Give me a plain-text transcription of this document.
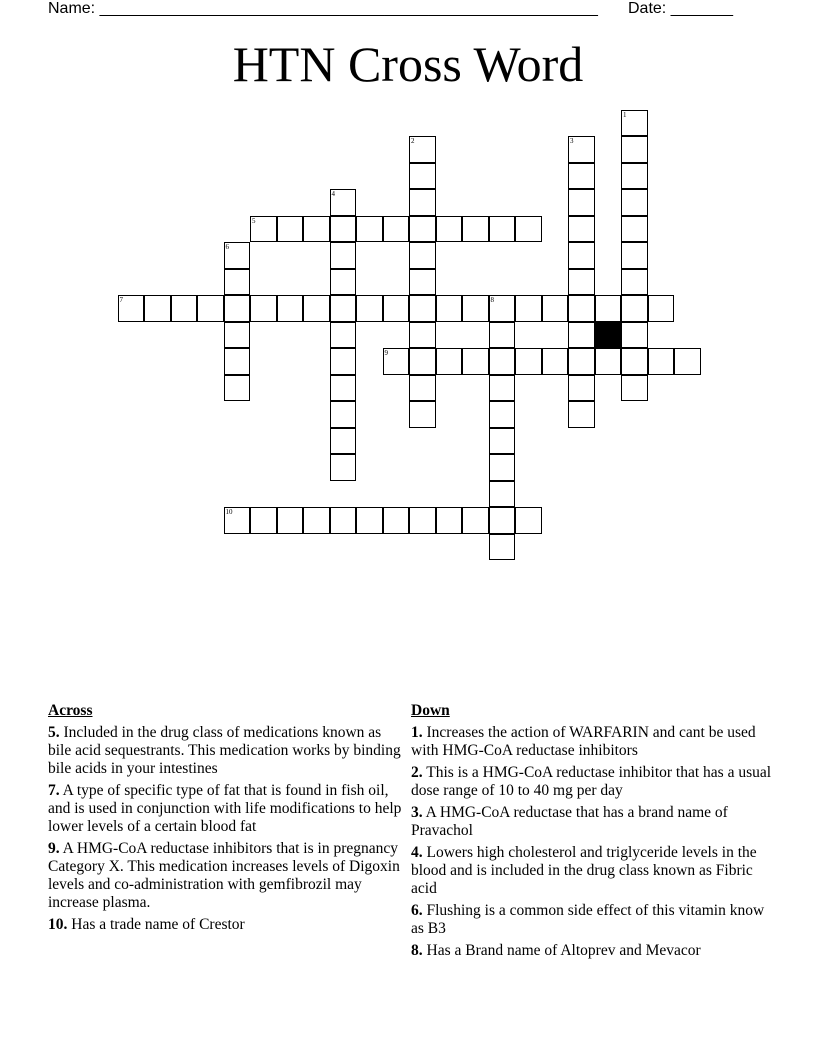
Name: ________________________________________________________ Date: _______
HTN Cross Word
1
2	3
4
5
6
7	8
9
10
Across
5. Included in the drug class of medications known as bile acid sequestrants. This medication works by binding bile acids in your intestines
7. A type of specific type of fat that is found in fish oil, and is used in conjunction with life modifications to help lower levels of a certain blood fat
9. A HMG-CoA reductase inhibitors that is in pregnancy Category X. This medication increases levels of Digoxin levels and co-administration with gemfibrozil may increase plasma.
10. Has a trade name of Crestor
Down
1. Increases the action of WARFARIN and cant be used with HMG-CoA reductase inhibitors
2. This is a HMG-CoA reductase inhibitor that has a usual dose range of 10 to 40 mg per day
3. A HMG-CoA reductase that has a brand name of Pravachol
4. Lowers high cholesterol and triglyceride levels in the blood and is included in the drug class known as Fibric acid
6. Flushing is a common side effect of this vitamin know as B3
8. Has a Brand name of Altoprev and Mevacor
